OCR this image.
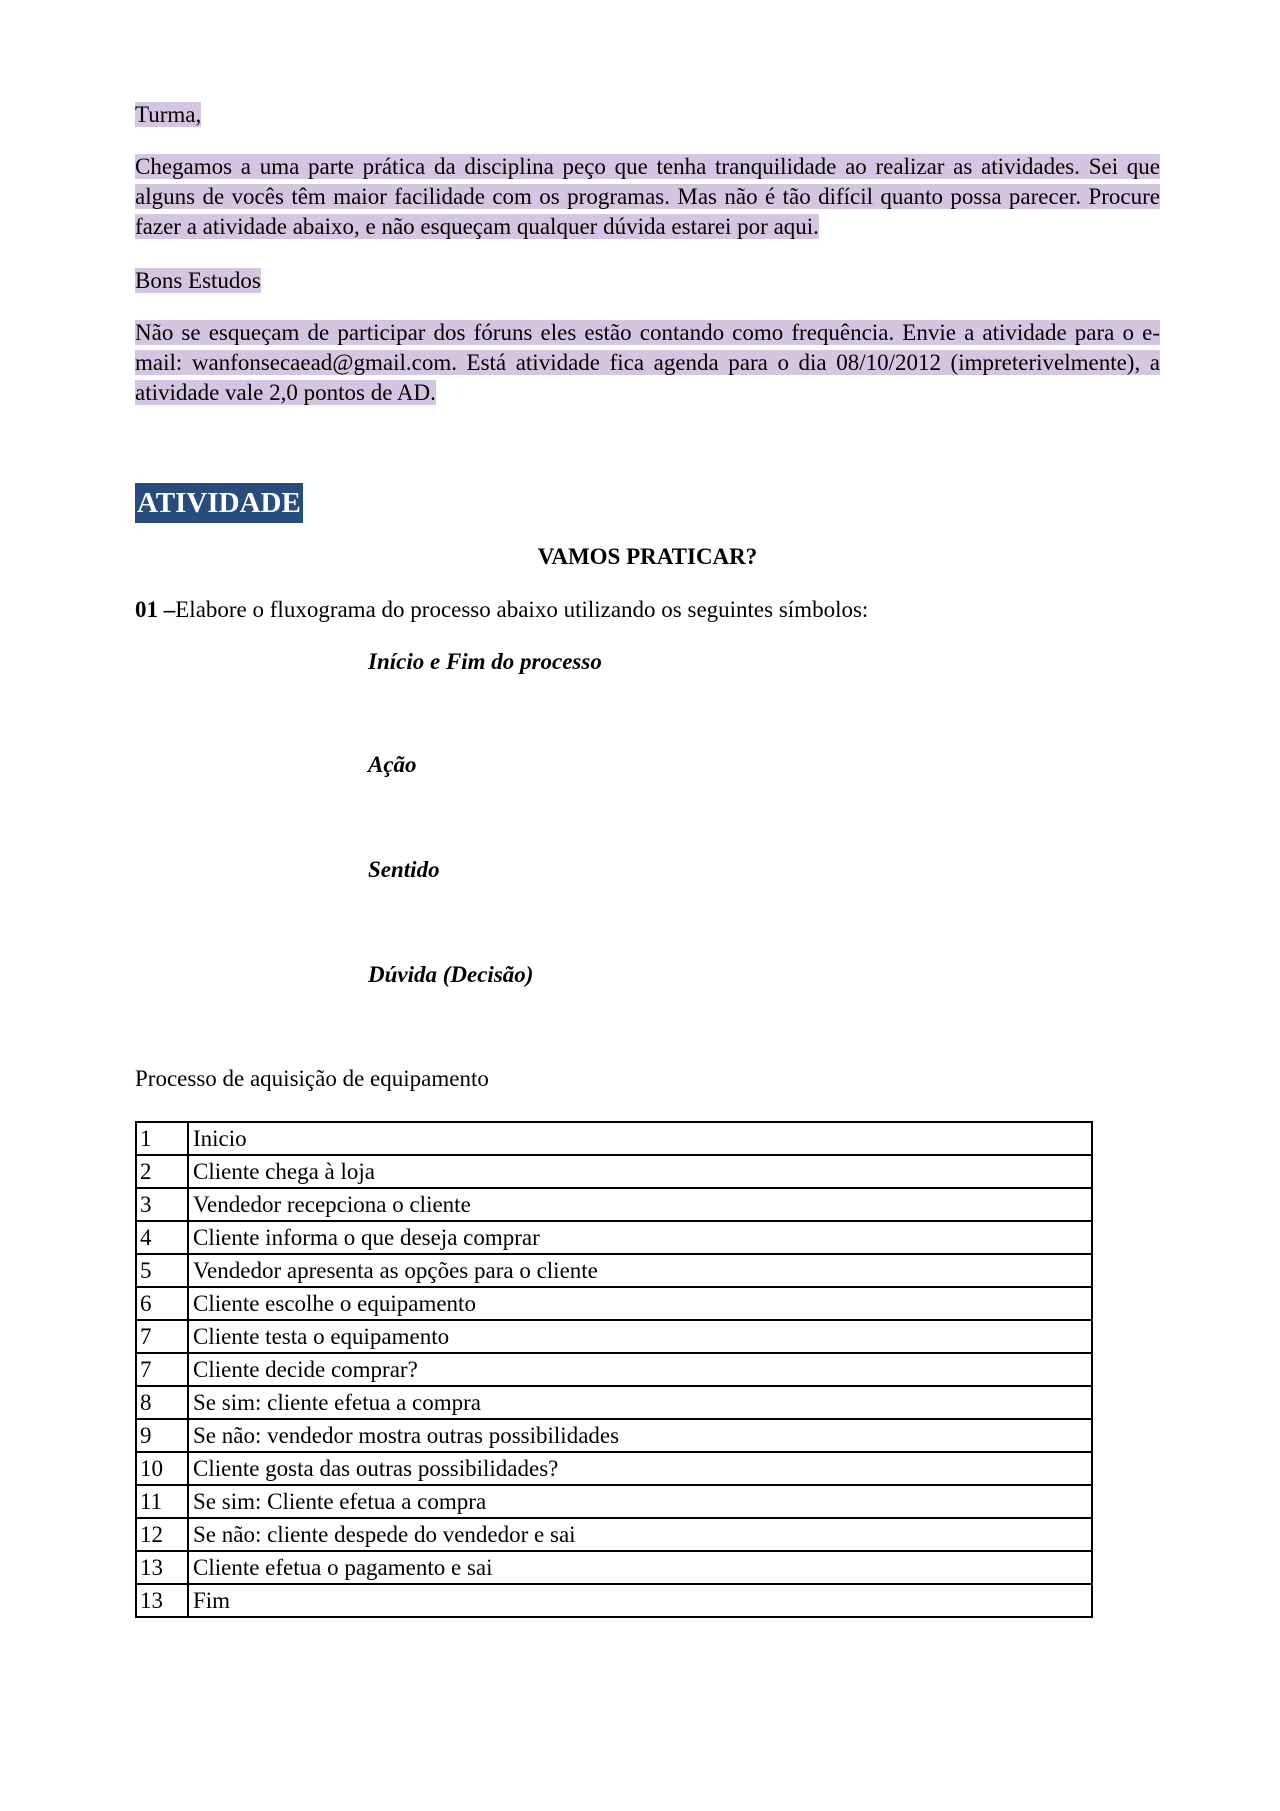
Turma,
Chegamos a uma parte prática da disciplina peço que tenha tranquilidade ao realizar as atividades. Sei que alguns de vocês têm maior facilidade com os programas. Mas não é tão difícil quanto possa parecer. Procure fazer a atividade abaixo, e não esqueçam qualquer dúvida estarei por aqui.
Bons Estudos
Não se esqueçam de participar dos fóruns eles estão contando como frequência. Envie a atividade para o e-mail: wanfonsecaead@gmail.com. Está atividade fica agenda para o dia 08/10/2012 (impreterivelmente), a atividade vale 2,0 pontos de AD.
ATIVIDADE
VAMOS PRATICAR?
01 –Elabore o fluxograma do processo abaixo utilizando os seguintes símbolos:
Início e Fim do processo
Ação
Sentido
Dúvida (Decisão)
Processo de aquisição de equipamento
1	Inicio
2	Cliente chega à loja
3	Vendedor recepciona o cliente
4	Cliente informa o que deseja comprar
5	Vendedor apresenta as opções para o cliente
6	Cliente escolhe o equipamento
7	Cliente testa o equipamento
7	Cliente decide comprar?
8	Se sim: cliente efetua a compra
9	Se não: vendedor mostra outras possibilidades
10	Cliente gosta das outras possibilidades?
11	Se sim: Cliente efetua a compra
12	Se não: cliente despede do vendedor e sai
13	Cliente efetua o pagamento e sai
13	Fim
